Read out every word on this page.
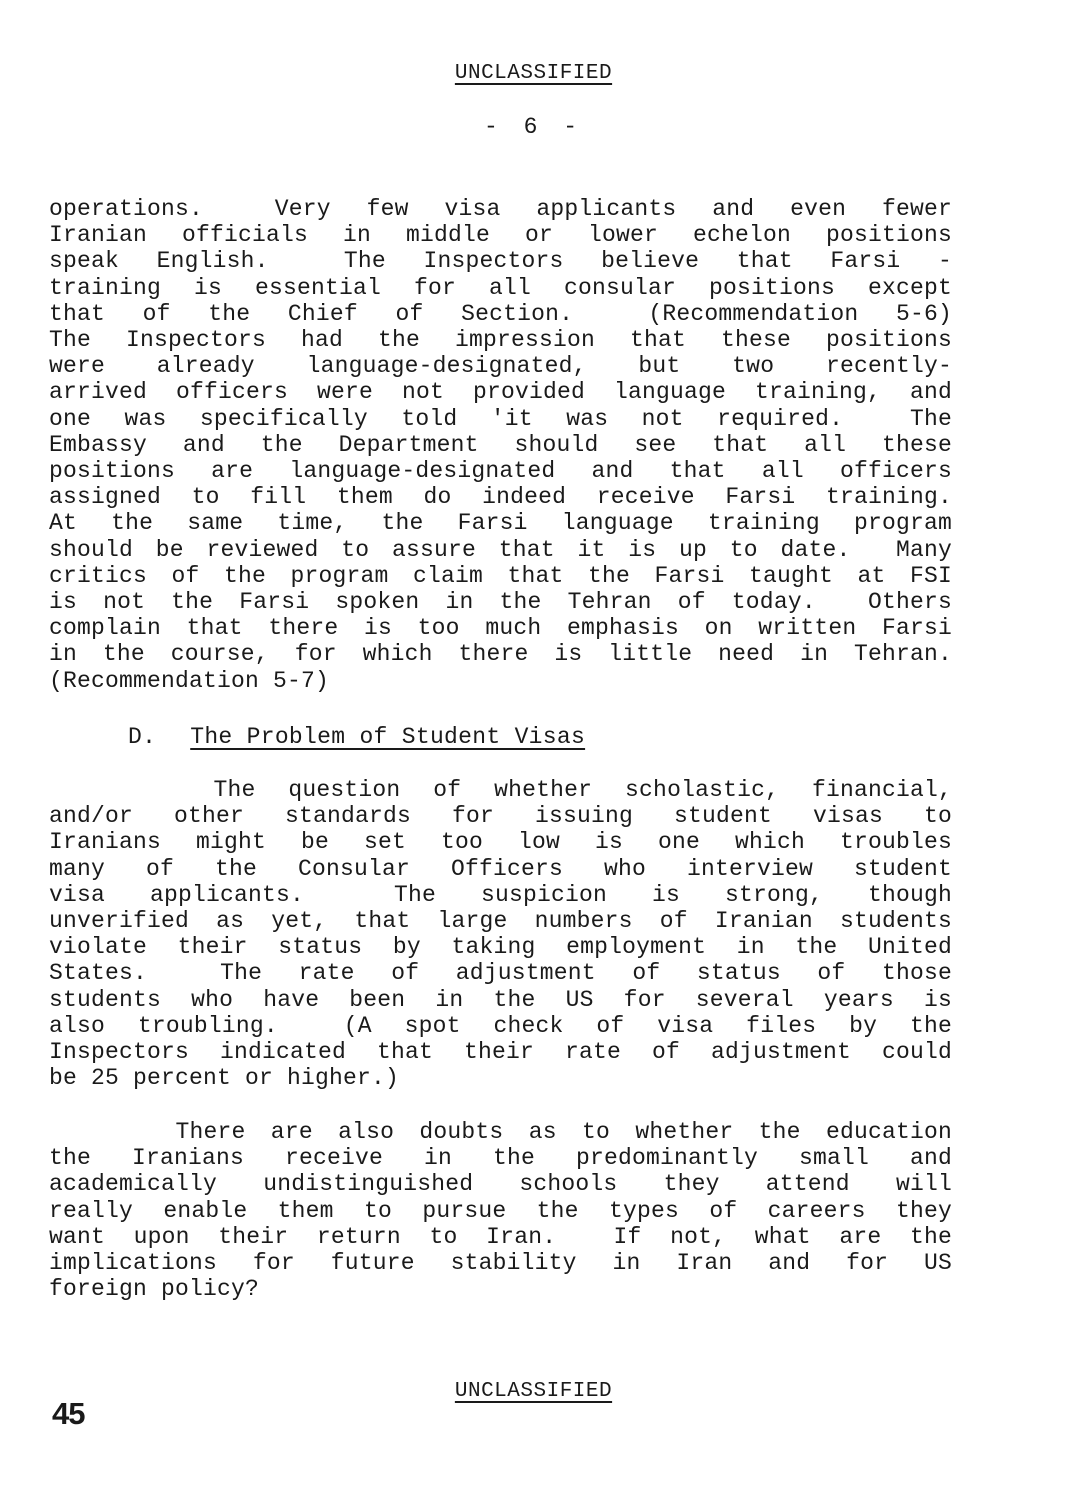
UNCLASSIFIED
- 6 -
operations.  Very few visa applicants and even fewer
Iranian officials in middle or lower echelon positions
speak English.  The Inspectors believe that Farsi -
training is essential for all consular positions except
that of the Chief of Section.  (Recommendation 5-6)
The Inspectors had the impression that these positions
were already language-designated, but two recently-
arrived officers were not provided language training, and
one was specifically told 'it was not required.  The
Embassy and the Department should see that all these
positions are language-designated and that all officers
assigned to fill them do indeed receive Farsi training.
At the same time, the Farsi language training program
should be reviewed to assure that it is up to date.  Many
critics of the program claim that the Farsi taught at FSI
is not the Farsi spoken in the Tehran of today.  Others
complain that there is too much emphasis on written Farsi
in the course, for which there is little need in Tehran.
(Recommendation 5-7)
D. The Problem of Student Visas
The question of whether scholastic, financial,
and/or other standards for issuing student visas to
Iranians might be set too low is one which troubles
many of the Consular Officers who interview student
visa applicants.  The suspicion is strong, though
unverified as yet, that large numbers of Iranian students
violate their status by taking employment in the United
States.  The rate of adjustment of status of those
students who have been in the US for several years is
also troubling.  (A spot check of visa files by the
Inspectors indicated that their rate of adjustment could
be 25 percent or higher.)
There are also doubts as to whether the education
the Iranians receive in the predominantly small and
academically undistinguished schools they attend will
really enable them to pursue the types of careers they
want upon their return to Iran.  If not, what are the
implications for future stability in Iran and for US
foreign policy?
UNCLASSIFIED
45
